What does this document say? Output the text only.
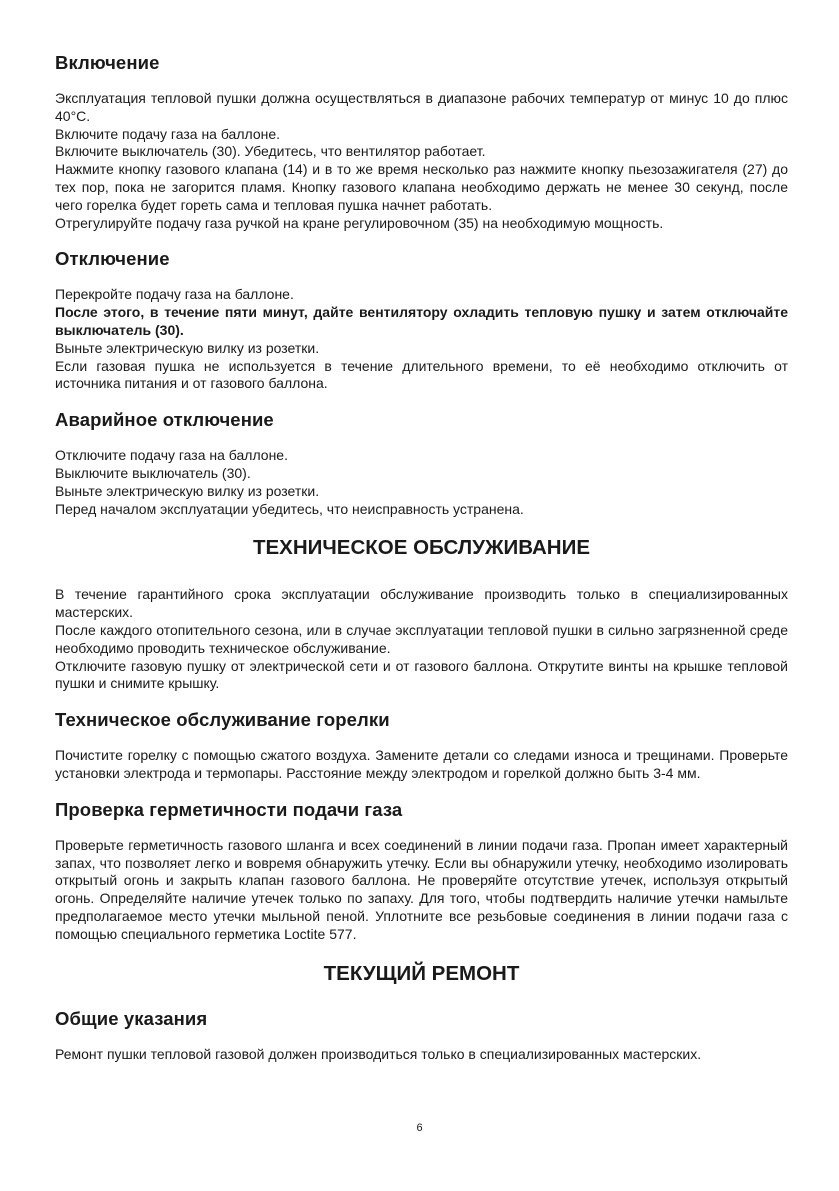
Включение

Эксплуатация тепловой пушки должна осуществляться в диапазоне рабочих температур от минус 10 до плюс 40°C.

Включите подачу газа на баллоне.

Включите выключатель (30). Убедитесь, что вентилятор работает.

Нажмите кнопку газового клапана (14) и в то же время несколько раз нажмите кнопку пьезозажигателя (27) до тех пор, пока не загорится пламя. Кнопку газового клапана необходимо держать не менее 30 секунд, после чего горелка будет гореть сама и тепловая пушка начнет работать.

Отрегулируйте подачу газа ручкой на кране регулировочном (35) на необходимую мощность.

Отключение

Перекройте подачу газа на баллоне.

После этого, в течение пяти минут, дайте вентилятору охладить тепловую пушку и затем отключайте выключатель (30).

Выньте электрическую вилку из розетки.

Если газовая пушка не используется в течение длительного времени, то её необходимо отключить от источника питания и от газового баллона.

Аварийное отключение

Отключите подачу газа на баллоне.

Выключите выключатель (30).

Выньте электрическую вилку из розетки.

Перед началом эксплуатации убедитесь, что неисправность устранена.

ТЕХНИЧЕСКОЕ ОБСЛУЖИВАНИЕ

В течение гарантийного срока эксплуатации обслуживание производить только в специализированных мастерских.

После каждого отопительного сезона, или в случае эксплуатации тепловой пушки в сильно загрязненной среде необходимо проводить техническое обслуживание.

Отключите газовую пушку от электрической сети и от газового баллона. Открутите винты на крышке тепловой пушки и снимите крышку.

Техническое обслуживание горелки

Почистите горелку с помощью сжатого воздуха. Замените детали со следами износа и трещинами. Проверьте установки электрода и термопары. Расстояние между электродом и горелкой должно быть 3-4 мм.

Проверка герметичности подачи газа

Проверьте герметичность газового шланга и всех соединений в линии подачи газа. Пропан имеет характерный запах, что позволяет легко и вовремя обнаружить утечку. Если вы обнаружили утечку, необходимо изолировать открытый огонь и закрыть клапан газового баллона. Не проверяйте отсутствие утечек, используя открытый огонь. Определяйте наличие утечек только по запаху. Для того, чтобы подтвердить наличие утечки намыльте предполагаемое место утечки мыльной пеной. Уплотните все резьбовые соединения в линии подачи газа с помощью специального герметика Loctite 577.

ТЕКУЩИЙ РЕМОНТ
Общие указания

Ремонт пушки тепловой газовой должен производиться только в специализированных мастерских.

6
